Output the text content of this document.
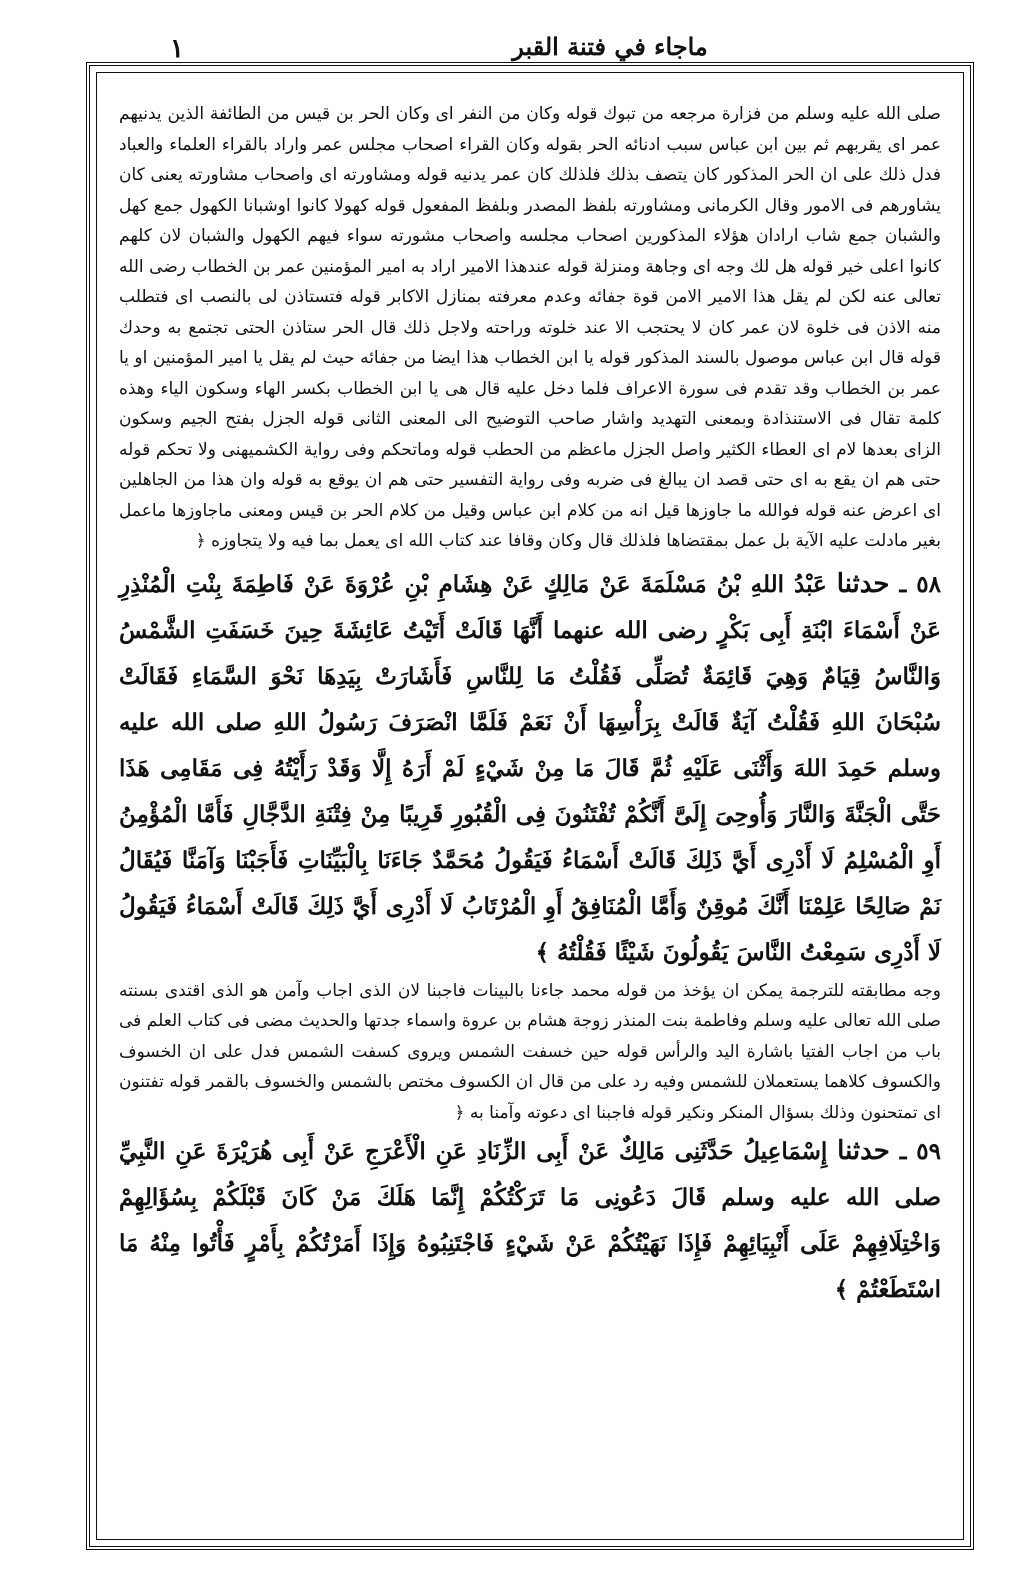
١	ماجاء في فتنة القبر

صلى الله عليه وسلم من فزارة مرجعه من تبوك قوله وكان من النفر اى وكان الحر بن قيس من الطائفة الذين يدنيهم عمر اى يقربهم ثم بين ابن عباس سبب ادنائه الحر بقوله وكان القراء اصحاب مجلس عمر واراد بالقراء العلماء والعباد فدل ذلك على ان الحر المذكور كان يتصف بذلك فلذلك كان عمر يدنيه قوله ومشاورته اى واصحاب مشاورته يعنى كان يشاورهم فى الامور وقال الكرمانى ومشاورته بلفظ المصدر وبلفظ المفعول قوله كهولا كانوا اوشبانا الكهول جمع كهل والشبان جمع شاب ارادان هؤلاء المذكورين اصحاب مجلسه واصحاب مشورته سواء فيهم الكهول والشبان لان كلهم كانوا اعلى خير قوله هل لك وجه اى وجاهة ومنزلة قوله عندهذا الامير اراد به امير المؤمنين عمر بن الخطاب رضى الله تعالى عنه لكن لم يقل هذا الامير الامن قوة جفائه وعدم معرفته بمنازل الاكابر قوله فتستاذن لى بالنصب اى فتطلب منه الاذن فى خلوة لان عمر كان لا يحتجب الا عند خلوته وراحته ولاجل ذلك قال الحر ستاذن الحتى تجتمع به وحدك قوله قال ابن عباس موصول بالسند المذكور قوله يا ابن الخطاب هذا ايضا من جفائه حيث لم يقل يا امير المؤمنين او يا عمر بن الخطاب وقد تقدم فى سورة الاعراف فلما دخل عليه قال هى يا ابن الخطاب بكسر الهاء وسكون الياء وهذه كلمة تقال فى الاستنذادة وبمعنى التهديد واشار صاحب التوضيح الى المعنى الثانى قوله الجزل بفتح الجيم وسكون الزاى بعدها لام اى العطاء الكثير واصل الجزل ماعظم من الحطب قوله وماتحكم وفى رواية الكشميهنى ولا تحكم قوله حتى هم ان يقع به اى حتى قصد ان يبالغ فى ضربه وفى رواية التفسير حتى هم ان يوقع به قوله وان هذا من الجاهلين اى اعرض عنه قوله فوالله ما جاوزها قيل انه من كلام ابن عباس وقيل من كلام الحر بن قيس ومعنى ماجاوزها ماعمل بغير مادلت عليه الآية بل عمل بمقتضاها فلذلك قال وكان وقافا عند كتاب الله اى يعمل بما فيه ولا يتجاوزه ﴿

٥٨ ـ حدثنا عَبْدُ اللهِ بْنُ مَسْلَمَةَ عَنْ مَالِكٍ عَنْ هِشَامِ بْنِ عُرْوَةَ عَنْ فَاطِمَةَ بِنْتِ الْمُنْذِرِ عَنْ أَسْمَاءَ ابْنَةِ أَبِى بَكْرٍ رضى الله عنهما أَنَّهَا قَالَتْ أَتَيْتُ عَائِشَةَ حِينَ خَسَفَتِ الشَّمْسُ وَالنَّاسُ قِيَامٌ وَهِيَ قَائِمَةٌ تُصَلِّى فَقُلْتُ مَا لِلنَّاسِ فَأَشَارَتْ بِيَدِهَا نَحْوَ السَّمَاءِ فَقَالَتْ سُبْحَانَ اللهِ فَقُلْتُ آيَةٌ قَالَتْ بِرَأْسِهَا أَنْ نَعَمْ فَلَمَّا انْصَرَفَ رَسُولُ اللهِ صلى الله عليه وسلم حَمِدَ اللهَ وَأَثْنَى عَلَيْهِ ثُمَّ قَالَ مَا مِنْ شَيْءٍ لَمْ أَرَهُ إِلَّا وَقَدْ رَأَيْتُهُ فِى مَقَامِى هَذَا حَتَّى الْجَنَّةَ وَالنَّارَ وَأُوحِىَ إِلَىَّ أَنَّكُمْ تُفْتَنُونَ فِى الْقُبُورِ قَرِيبًا مِنْ فِتْنَةِ الدَّجَّالِ فَأَمَّا الْمُؤْمِنُ أَوِ الْمُسْلِمُ لَا أَدْرِى أَيَّ ذَلِكَ قَالَتْ أَسْمَاءُ فَيَقُولُ مُحَمَّدٌ جَاءَنَا بِالْبَيِّنَاتِ فَأَجَبْنَا وَآمَنَّا فَيُقَالُ نَمْ صَالِحًا عَلِمْنَا أَنَّكَ مُوقِنٌ وَأَمَّا الْمُنَافِقُ أَوِ الْمُرْتَابُ لَا أَدْرِى أَيَّ ذَلِكَ قَالَتْ أَسْمَاءُ فَيَقُولُ لَا أَدْرِى سَمِعْتُ النَّاسَ يَقُولُونَ شَيْئًا فَقُلْتُهُ ﴾

وجه مطابقته للترجمة يمكن ان يؤخذ من قوله محمد جاءنا بالبينات فاجبنا لان الذى اجاب وآمن هو الذى اقتدى بسنته صلى الله تعالى عليه وسلم وفاطمة بنت المنذر زوجة هشام بن عروة واسماء جدتها والحديث مضى فى كتاب العلم فى باب من اجاب الفتيا باشارة اليد والرأس قوله حين خسفت الشمس ويروى كسفت الشمس فدل على ان الخسوف والكسوف كلاهما يستعملان للشمس وفيه رد على من قال ان الكسوف مختص بالشمس والخسوف بالقمر قوله تفتنون اى تمتحنون وذلك بسؤال المنكر ونكير قوله فاجبنا اى دعوته وآمنا به ﴿

٥٩ ـ حدثنا إِسْمَاعِيلُ حَدَّثَنِى مَالِكٌ عَنْ أَبِى الزِّنَادِ عَنِ الْأَعْرَجِ عَنْ أَبِى هُرَيْرَةَ عَنِ النَّبِيِّ صلى الله عليه وسلم قَالَ دَعُونِى مَا تَرَكْتُكُمْ إِنَّمَا هَلَكَ مَنْ كَانَ قَبْلَكُمْ بِسُؤَالِهِمْ وَاخْتِلَافِهِمْ عَلَى أَنْبِيَائِهِمْ فَإِذَا نَهَيْتُكُمْ عَنْ شَيْءٍ فَاجْتَنِبُوهُ وَإِذَا أَمَرْتُكُمْ بِأَمْرٍ فَأْتُوا مِنْهُ مَا اسْتَطَعْتُمْ ﴾
